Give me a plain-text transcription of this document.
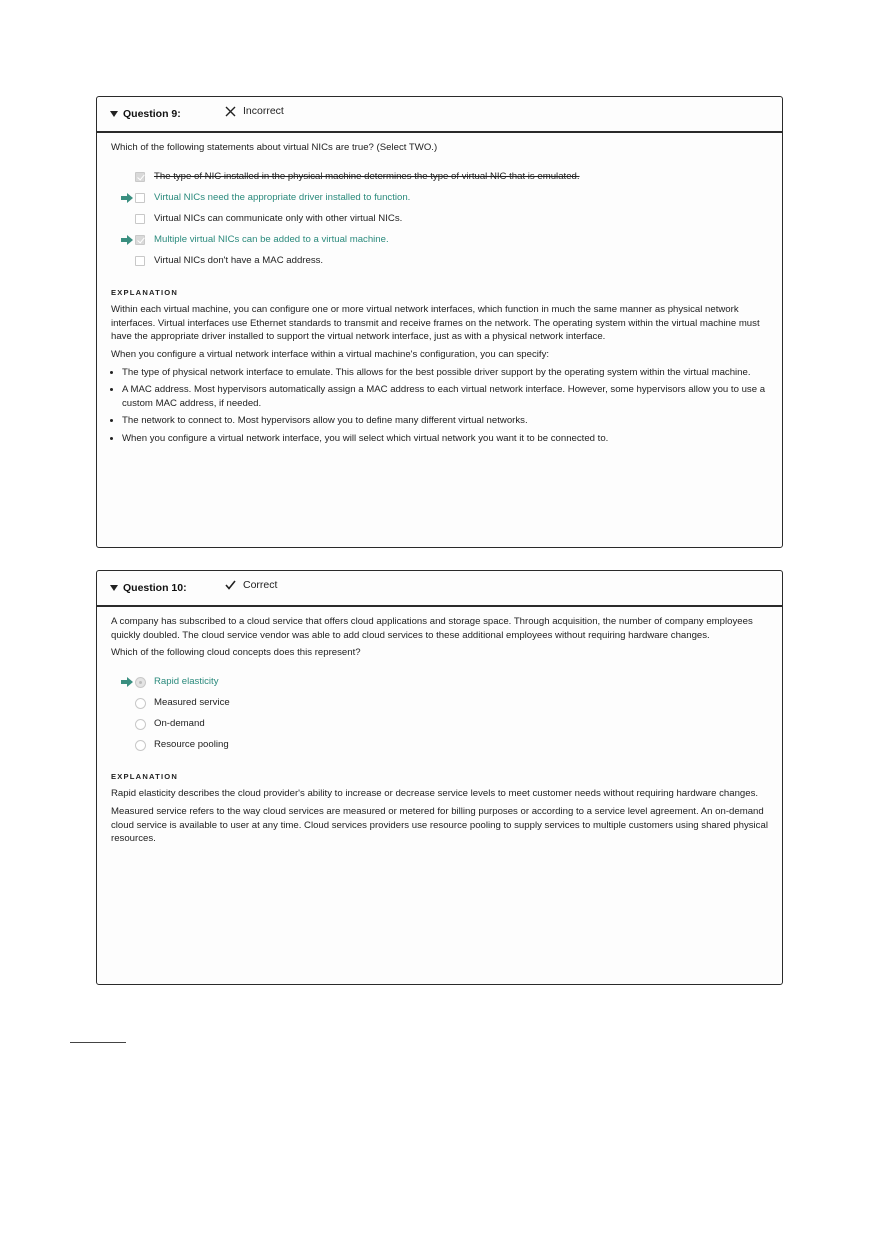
Question 9:	Incorrect

Which of the following statements about virtual NICs are true? (Select TWO.)

The type of NIC installed in the physical machine determines the type of virtual NIC that is emulated.
Virtual NICs need the appropriate driver installed to function.
Virtual NICs can communicate only with other virtual NICs.
Multiple virtual NICs can be added to a virtual machine.
Virtual NICs don't have a MAC address.
EXPLANATION

Within each virtual machine, you can configure one or more virtual network interfaces, which function in much the same manner as physical network interfaces. Virtual interfaces use Ethernet standards to transmit and receive frames on the network. The operating system within the virtual machine must have the appropriate driver installed to support the virtual network interface, just as with a physical network interface.

When you configure a virtual network interface within a virtual machine's configuration, you can specify:

• The type of physical network interface to emulate. This allows for the best possible driver support by the operating system within the virtual machine.
• A MAC address. Most hypervisors automatically assign a MAC address to each virtual network interface. However, some hypervisors allow you to use a custom MAC address, if needed.
• The network to connect to. Most hypervisors allow you to define many different virtual networks.
• When you configure a virtual network interface, you will select which virtual network you want it to be connected to.
Question 10:	Correct

A company has subscribed to a cloud service that offers cloud applications and storage space. Through acquisition, the number of company employees quickly doubled. The cloud service vendor was able to add cloud services to these additional employees without requiring hardware changes.

Which of the following cloud concepts does this represent?

Rapid elasticity
Measured service
On-demand
Resource pooling
EXPLANATION

Rapid elasticity describes the cloud provider's ability to increase or decrease service levels to meet customer needs without requiring hardware changes.

Measured service refers to the way cloud services are measured or metered for billing purposes or according to a service level agreement. An on-demand cloud service is available to user at any time. Cloud services providers use resource pooling to supply services to multiple customers using shared physical resources.
